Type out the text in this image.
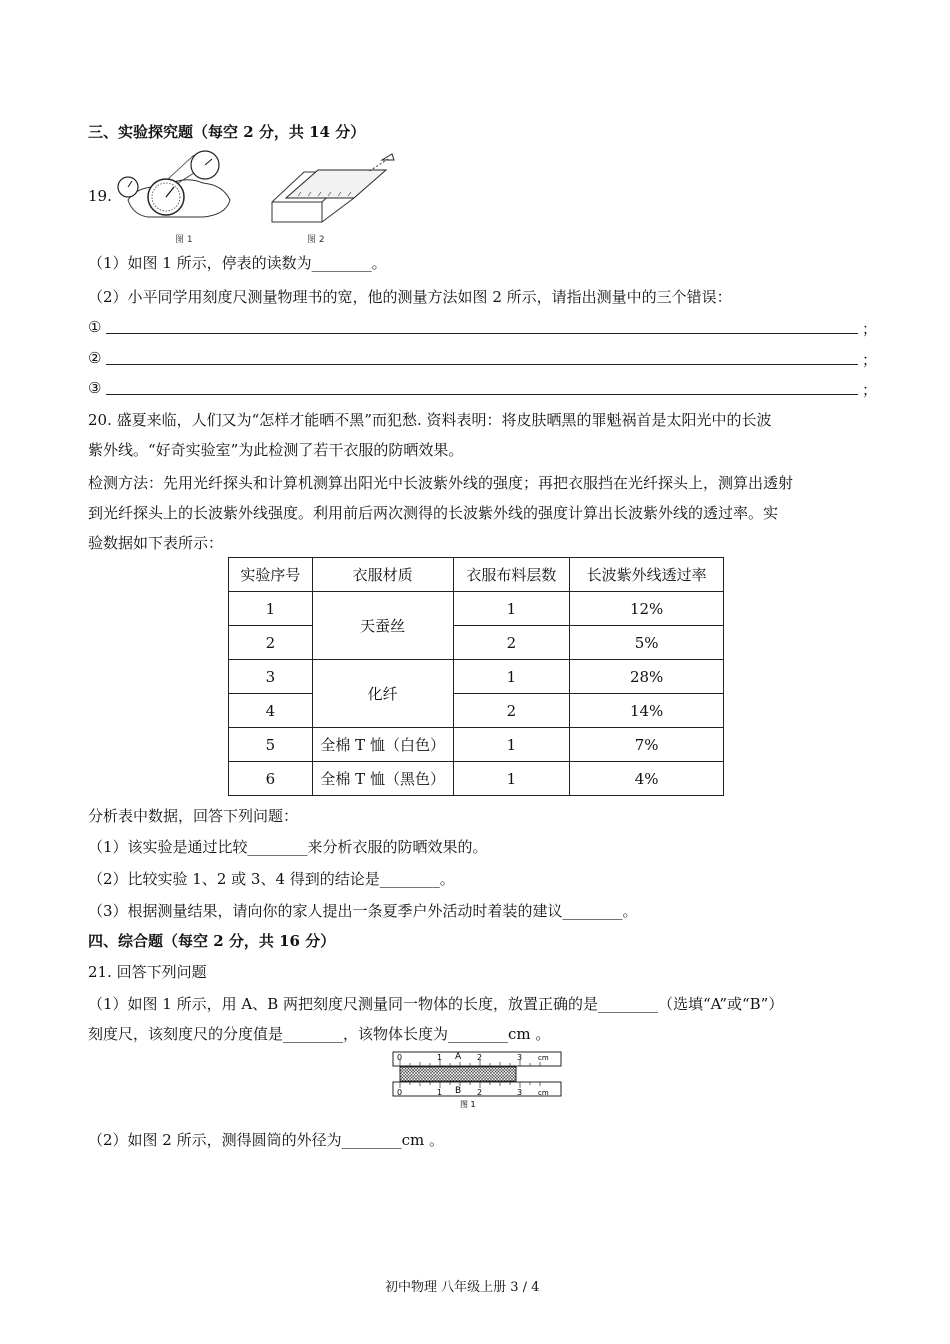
三、实验探究题（每空 2 分，共 14 分）
19.
图 1	图 2
（1）如图 1 所示，停表的读数为________。
（2）小平同学用刻度尺测量物理书的宽，他的测量方法如图 2 所示，请指出测量中的三个错误：
①	；
②	；
③	；
20. 盛夏来临，人们又为“怎样才能晒不黑”而犯愁. 资料表明：将皮肤晒黑的罪魁祸首是太阳光中的长波
紫外线。“好奇实验室”为此检测了若干衣服的防晒效果。
检测方法：先用光纤探头和计算机测算出阳光中长波紫外线的强度；再把衣服挡在光纤探头上，测算出透射
到光纤探头上的长波紫外线强度。利用前后两次测得的长波紫外线的强度计算出长波紫外线的透过率。实
验数据如下表所示：
实验序号	衣服材质	衣服布料层数	长波紫外线透过率
1	天蚕丝	1	12%
2		2	5%
3	化纤	1	28%
4		2	14%
5	全棉 T 恤（白色）	1	7%
6	全棉 T 恤（黑色）	1	4%
分析表中数据，回答下列问题：
（1）该实验是通过比较________来分析衣服的防晒效果的。
（2）比较实验 1、2 或 3、4 得到的结论是________。
（3）根据测量结果，请向你的家人提出一条夏季户外活动时着装的建议________。
四、综合题（每空 2 分，共 16 分）
21. 回答下列问题
（1）如图 1 所示，用 A、B 两把刻度尺测量同一物体的长度，放置正确的是________（选填“A”或“B”）
刻度尺，该刻度尺的分度值是________，该物体长度为________cm 。
0	1 A 2	3 cm
0	1 B 2	3 cm
图 1
（2）如图 2 所示，测得圆筒的外径为________cm 。
初中物理 八年级上册 3 / 4
